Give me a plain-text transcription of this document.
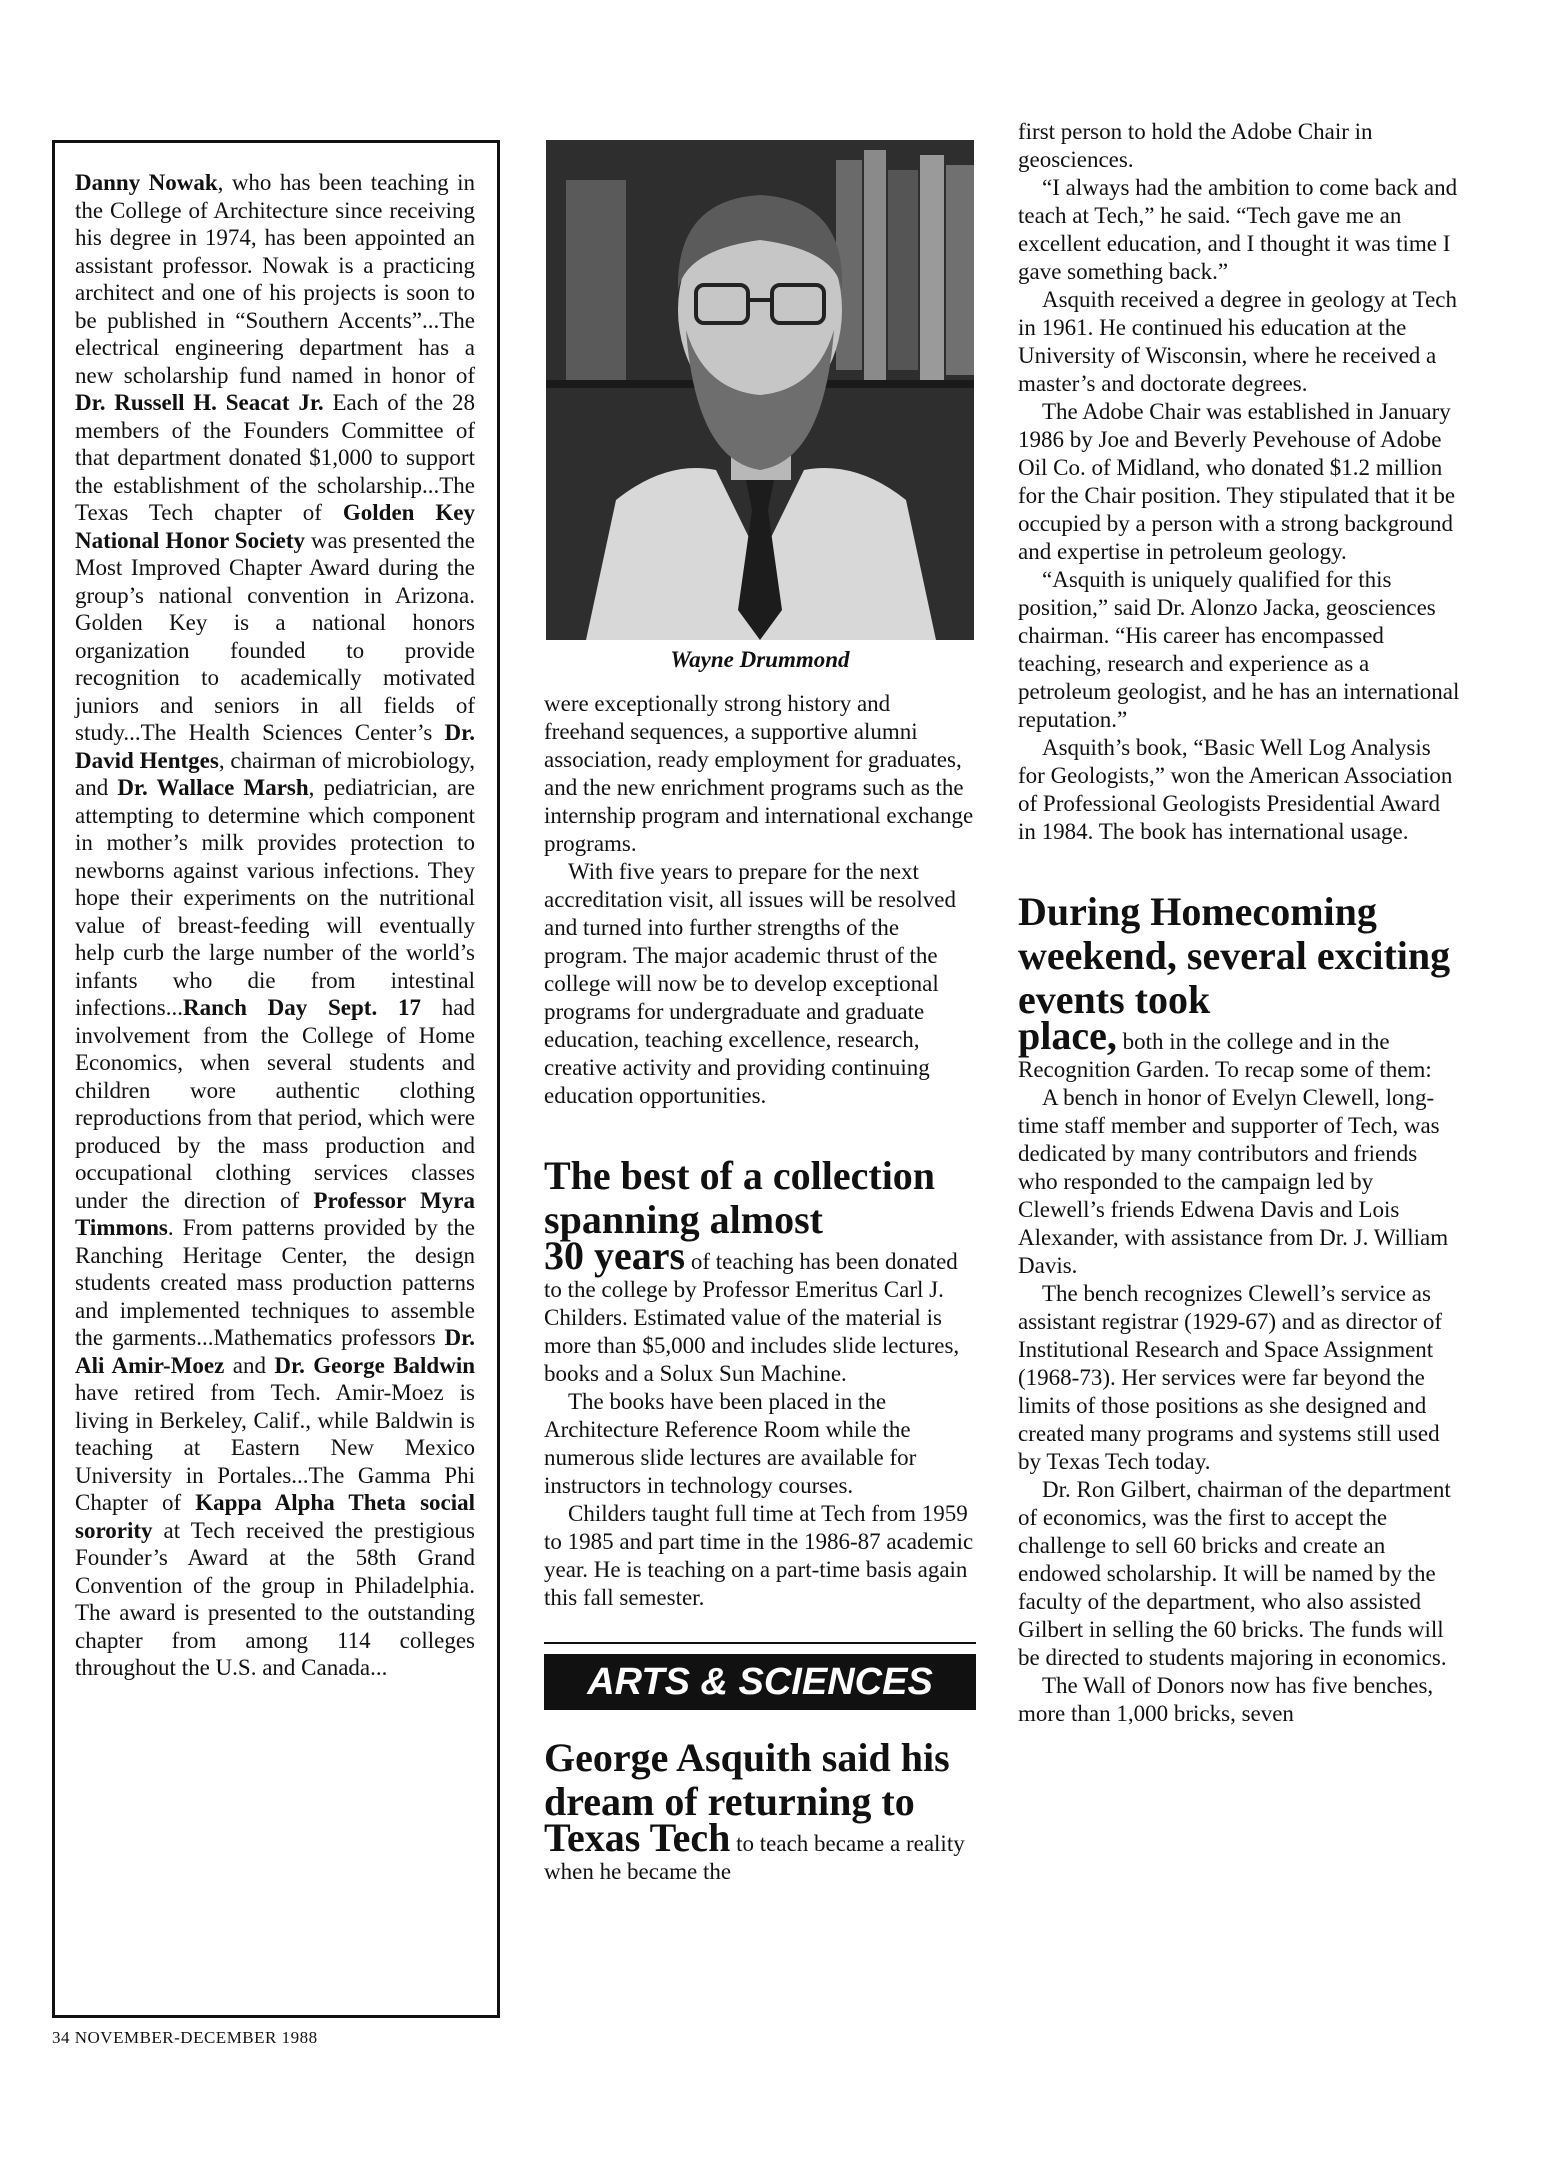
Danny Nowak, who has been teaching in the College of Architecture since receiving his degree in 1974, has been appointed an assistant professor. Nowak is a practicing architect and one of his projects is soon to be published in “Southern Accents”...The electrical engineering department has a new scholarship fund named in honor of Dr. Russell H. Seacat Jr. Each of the 28 members of the Founders Committee of that department donated $1,000 to support the establishment of the scholarship...The Texas Tech chapter of Golden Key National Honor Society was presented the Most Improved Chapter Award during the group’s national convention in Arizona. Golden Key is a national honors organization founded to provide recognition to academically motivated juniors and seniors in all fields of study...The Health Sciences Center’s Dr. David Hentges, chairman of microbiology, and Dr. Wallace Marsh, pediatrician, are attempting to determine which component in mother’s milk provides protection to newborns against various infections. They hope their experiments on the nutritional value of breast-feeding will eventually help curb the large number of the world’s infants who die from intestinal infections...Ranch Day Sept. 17 had involvement from the College of Home Economics, when several students and children wore authentic clothing reproductions from that period, which were produced by the mass production and occupational clothing services classes under the direction of Professor Myra Timmons. From patterns provided by the Ranching Heritage Center, the design students created mass production patterns and implemented techniques to assemble the garments...Mathematics professors Dr. Ali Amir-Moez and Dr. George Baldwin have retired from Tech. Amir-Moez is living in Berkeley, Calif., while Baldwin is teaching at Eastern New Mexico University in Portales...The Gamma Phi Chapter of Kappa Alpha Theta social sorority at Tech received the prestigious Founder’s Award at the 58th Grand Convention of the group in Philadelphia. The award is presented to the outstanding chapter from among 114 colleges throughout the U.S. and Canada...

Wayne Drummond

were exceptionally strong history and freehand sequences, a supportive alumni association, ready employment for graduates, and the new enrichment programs such as the internship program and international exchange programs.

With five years to prepare for the next accreditation visit, all issues will be resolved and turned into further strengths of the program. The major academic thrust of the college will now be to develop exceptional programs for undergraduate and graduate education, teaching excellence, research, creative activity and providing continuing education opportunities.

The best of a collection spanning almost

30 years of teaching has been donated to the college by Professor Emeritus Carl J. Childers. Estimated value of the material is more than $5,000 and includes slide lectures, books and a Solux Sun Machine.

The books have been placed in the Architecture Reference Room while the numerous slide lectures are available for instructors in technology courses.

Childers taught full time at Tech from 1959 to 1985 and part time in the 1986-87 academic year. He is teaching on a part-time basis again this fall semester.

ARTS & SCIENCES

George Asquith said his dream of returning to

Texas Tech to teach became a reality when he became the

first person to hold the Adobe Chair in geosciences.

“I always had the ambition to come back and teach at Tech,” he said. “Tech gave me an excellent education, and I thought it was time I gave something back.”

Asquith received a degree in geology at Tech in 1961. He continued his education at the University of Wisconsin, where he received a master’s and doctorate degrees.

The Adobe Chair was established in January 1986 by Joe and Beverly Pevehouse of Adobe Oil Co. of Midland, who donated $1.2 million for the Chair position. They stipulated that it be occupied by a person with a strong background and expertise in petroleum geology.

“Asquith is uniquely qualified for this position,” said Dr. Alonzo Jacka, geosciences chairman. “His career has encompassed teaching, research and experience as a petroleum geologist, and he has an international reputation.”

Asquith’s book, “Basic Well Log Analysis for Geologists,” won the American Association of Professional Geologists Presidential Award in 1984. The book has international usage.

During Homecoming weekend, several exciting events took

place, both in the college and in the Recognition Garden. To recap some of them:

A bench in honor of Evelyn Clewell, long-time staff member and supporter of Tech, was dedicated by many contributors and friends who responded to the campaign led by Clewell’s friends Edwena Davis and Lois Alexander, with assistance from Dr. J. William Davis.

The bench recognizes Clewell’s service as assistant registrar (1929-67) and as director of Institutional Research and Space Assignment (1968-73). Her services were far beyond the limits of those positions as she designed and created many programs and systems still used by Texas Tech today.

Dr. Ron Gilbert, chairman of the department of economics, was the first to accept the challenge to sell 60 bricks and create an endowed scholarship. It will be named by the faculty of the department, who also assisted Gilbert in selling the 60 bricks. The funds will be directed to students majoring in economics.

The Wall of Donors now has five benches, more than 1,000 bricks, seven

34 NOVEMBER-DECEMBER 1988
